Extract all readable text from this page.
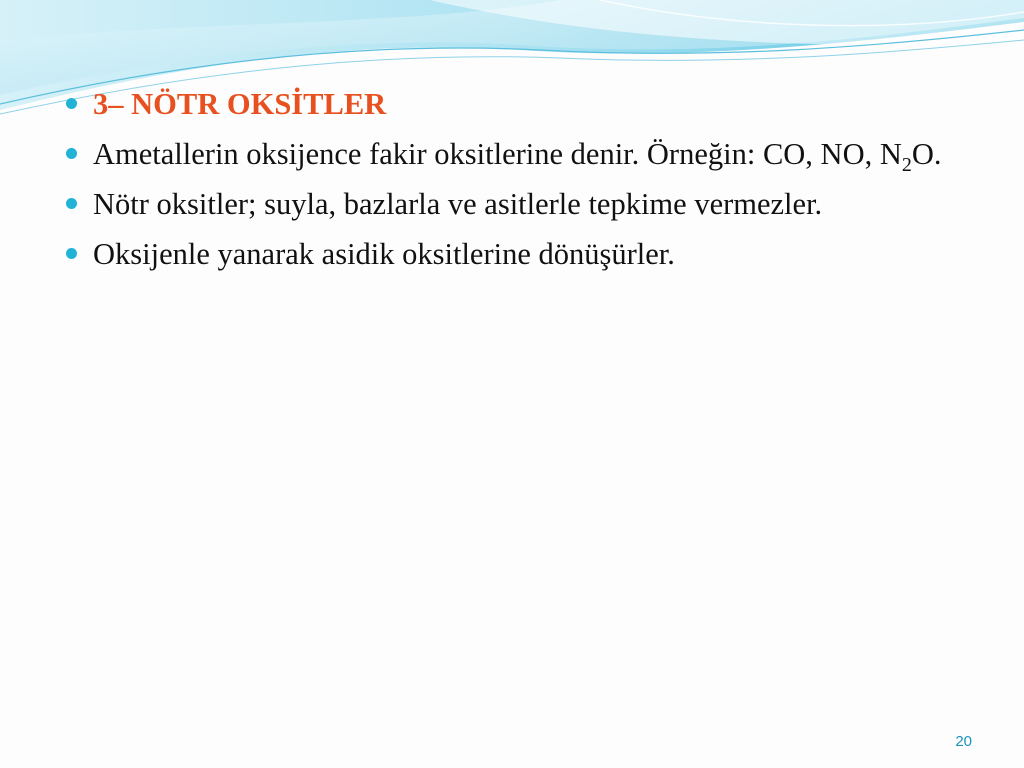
3– NÖTR OKSİTLER
Ametallerin oksijence fakir oksitlerine denir. Örneğin: CO, NO, $N_2O$.
Nötr oksitler; suyla, bazlarla ve asitlerle tepkime vermezler.
Oksijenle yanarak asidik oksitlerine dönüşürler.
20
